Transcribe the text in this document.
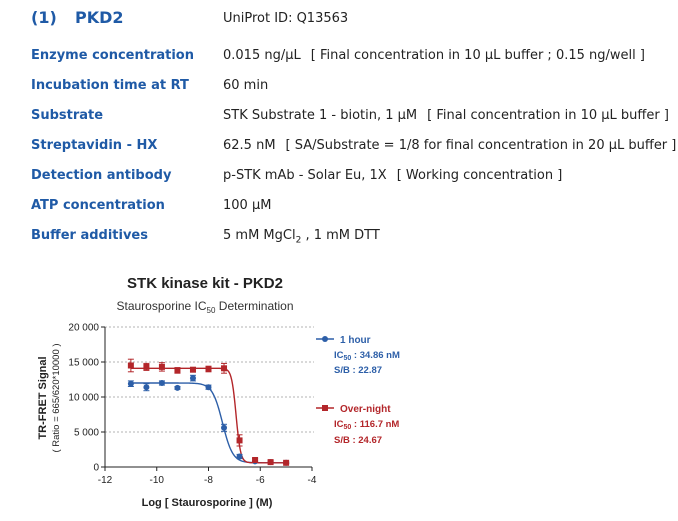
(1) PKD2	UniProt ID: Q13563
Enzyme concentration 0.015 ng/μL [ Final concentration in 10 μL buffer ; 0.15 ng/well ]
Incubation time at RT	60 min
Substrate	STK Substrate 1 - biotin, 1 μM [ Final concentration in 10 μL buffer ]
Streptavidin - HX	62.5 nM [ SA/Substrate = 1/8 for final concentration in 20 μL buffer ]
Detection antibody	p-STK mAb - Solar Eu, 1X [ Working concentration ]
ATP concentration	100 μM
Buffer additives	5 mM MgCl$_2$ , 1 mM DTT
STK kinase kit - PKD2
Staurosporine $IC_{50}$ Determination
0
5 000
10 000
15 000
20 000
-12	-10	-8	-6	-4
Log [ Staurosporine ] (M)
TR-FRET Signal ( Ratio = 665/620*10000 )
1 hour
$IC_{50}$ : 34.86 nM
S/B : 22.87
Over-night
$IC_{50}$ : 116.7 nM
S/B : 24.67
